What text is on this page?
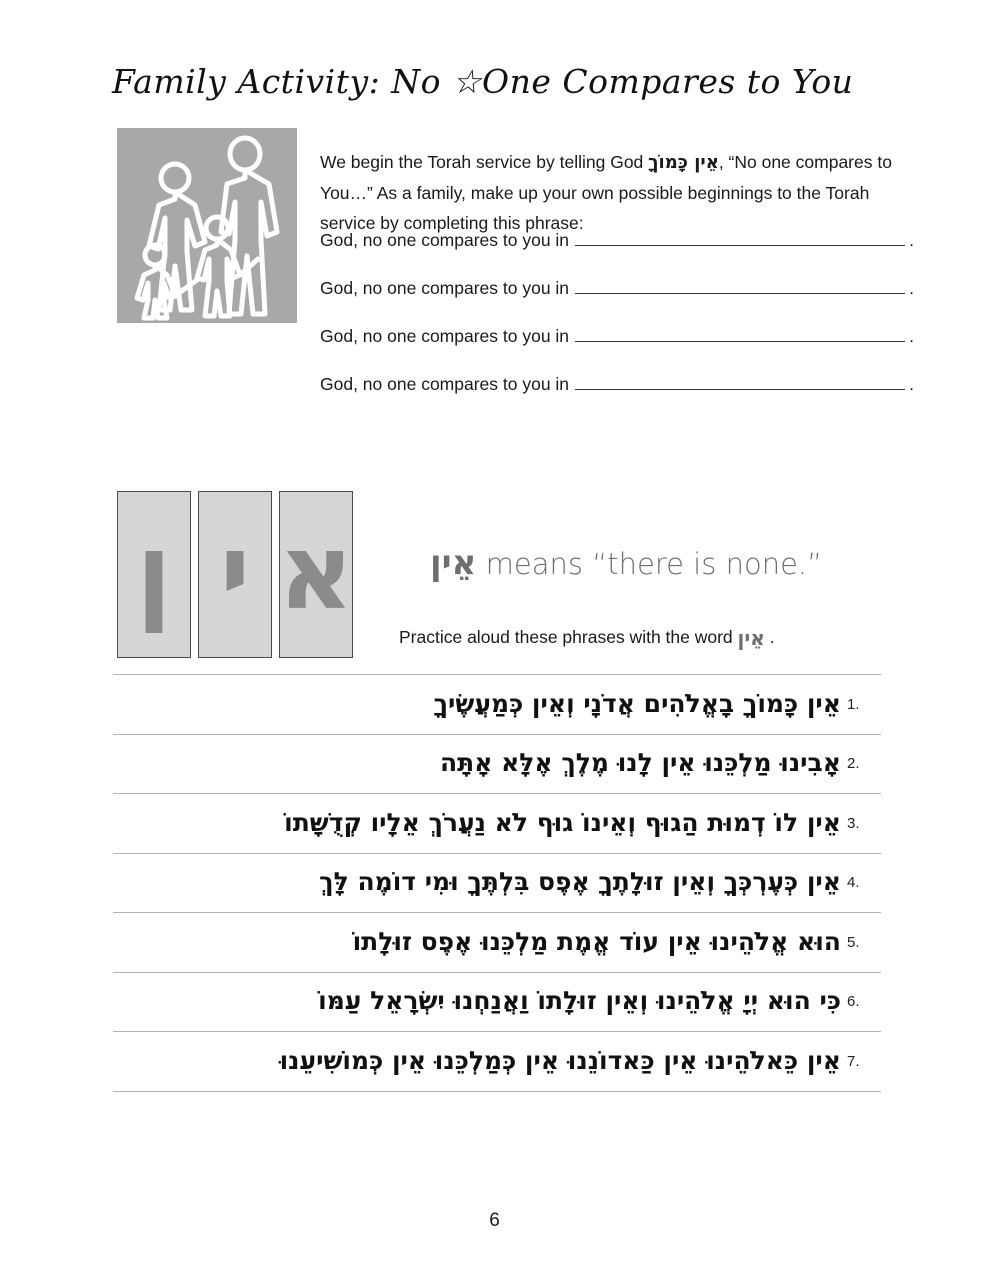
Family Activity: No ☆One Compares to You

We begin the Torah service by telling God אֵין כָּמוֹךָ, “No one compares to You…” As a family, make up your own possible beginnings to the Torah service by completing this phrase:

God, no one compares to you in	.
God, no one compares to you in	.
God, no one compares to you in	.
God, no one compares to you in	.
ן י א אֵין means “there is none.”
Practice aloud these phrases with the word אֵין .
.1
אֵין כָּמוֹךָ בָאֱלֹהִים אֲדֹנָי וְאֵין כְּמַעֲשֶׂיךָ
.2
אָבִינוּ מַלְכֵּנוּ אֵין לָנוּ מֶלֶךְ אֶלָּא אָתָּה
.3
אֵין לוֹ דְמוּת הַגוּף וְאֵינוֹ גוּף לֹא נַעֲרֹךְ אֵלָיו קְדֻשָּׁתוֹ
.4
אֵין כְּעֶרְכְּךָ וְאֵין זוּלָתֶךָ אֶפֶס בִּלְתֶּךָ וּמִי דוֹמֶה לָּךְ
.5
הוּא אֱלֹהֵינוּ אֵין עוֹד אֱמֶת מַלְכֵּנוּ אֶפֶס זוּלָתוֹ
.6
כִּי הוּא יְיָ אֱלֹהֵינוּ וְאֵין זוּלָתוֹ וַאֲנַחְנוּ יִשְׂרָאֵל עַמּוֹ
.7
אֵין כֵּאלֹהֵינוּ אֵין כַּאדוֹנֵנוּ אֵין כְּמַלְכֵּנוּ אֵין כְּמוֹשִׁיעֵנוּ
6
